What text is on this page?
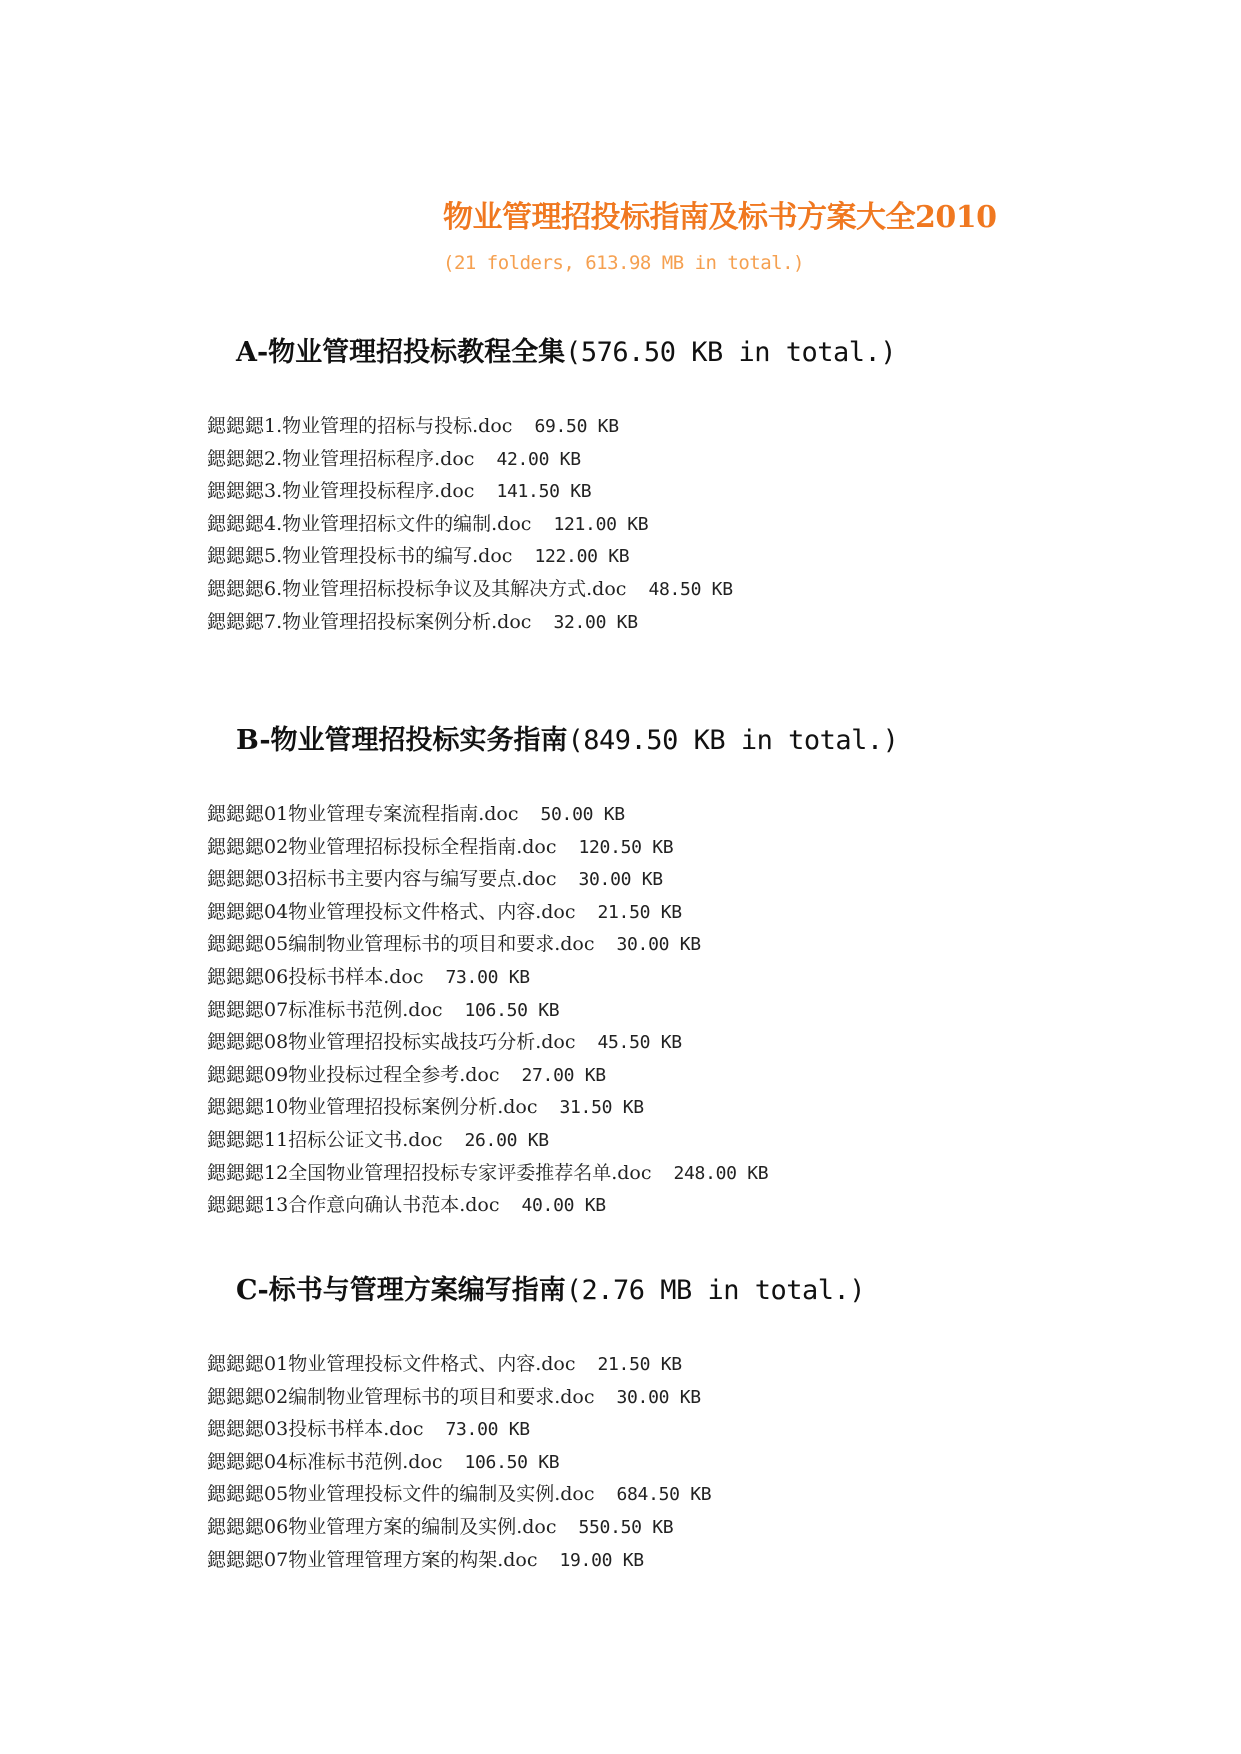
物业管理招投标指南及标书方案大全2010
(21 folders, 613.98 MB in total.)
A-物业管理招投标教程全集(576.50 KB in total.)
鍶鍶鍶1.物业管理的招标与投标.doc 69.50 KB
鍶鍶鍶2.物业管理招标程序.doc 42.00 KB
鍶鍶鍶3.物业管理投标程序.doc 141.50 KB
鍶鍶鍶4.物业管理招标文件的编制.doc 121.00 KB
鍶鍶鍶5.物业管理投标书的编写.doc 122.00 KB
鍶鍶鍶6.物业管理招标投标争议及其解决方式.doc 48.50 KB
鍶鍶鍶7.物业管理招投标案例分析.doc 32.00 KB
B-物业管理招投标实务指南(849.50 KB in total.)
鍶鍶鍶01物业管理专案流程指南.doc 50.00 KB
鍶鍶鍶02物业管理招标投标全程指南.doc 120.50 KB
鍶鍶鍶03招标书主要内容与编写要点.doc 30.00 KB
鍶鍶鍶04物业管理投标文件格式、内容.doc 21.50 KB
鍶鍶鍶05编制物业管理标书的项目和要求.doc 30.00 KB
鍶鍶鍶06投标书样本.doc 73.00 KB
鍶鍶鍶07标准标书范例.doc 106.50 KB
鍶鍶鍶08物业管理招投标实战技巧分析.doc 45.50 KB
鍶鍶鍶09物业投标过程全参考.doc 27.00 KB
鍶鍶鍶10物业管理招投标案例分析.doc 31.50 KB
鍶鍶鍶11招标公证文书.doc 26.00 KB
鍶鍶鍶12全国物业管理招投标专家评委推荐名单.doc 248.00 KB
鍶鍶鍶13合作意向确认书范本.doc 40.00 KB
C-标书与管理方案编写指南(2.76 MB in total.)
鍶鍶鍶01物业管理投标文件格式、内容.doc 21.50 KB
鍶鍶鍶02编制物业管理标书的项目和要求.doc 30.00 KB
鍶鍶鍶03投标书样本.doc 73.00 KB
鍶鍶鍶04标准标书范例.doc 106.50 KB
鍶鍶鍶05物业管理投标文件的编制及实例.doc 684.50 KB
鍶鍶鍶06物业管理方案的编制及实例.doc 550.50 KB
鍶鍶鍶07物业管理管理方案的构架.doc 19.00 KB
